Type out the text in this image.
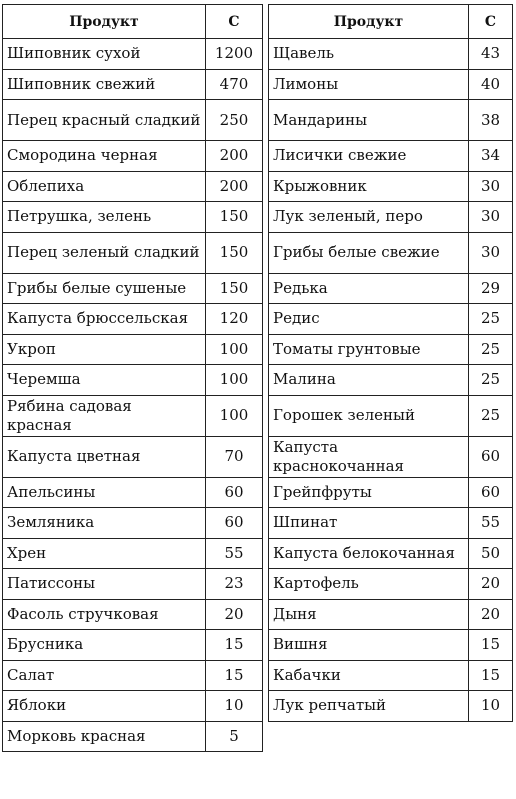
Продукт	С
Шиповник сухой	1200
Шиповник свежий	470
Перец красный сладкий	250
Смородина черная	200
Облепиха	200
Петрушка, зелень	150
Перец зеленый сладкий	150
Грибы белые сушеные	150
Капуста брюссельская	120
Укроп	100
Черемша	100
Рябина садовая красная	100
Капуста цветная	70
Апельсины	60
Земляника	60
Хрен	55
Патиссоны	23
Фасоль стручковая	20
Брусника	15
Салат	15
Яблоки	10
Морковь красная	5
Продукт	С
Щавель	43
Лимоны	40
Мандарины	38
Лисички свежие	34
Крыжовник	30
Лук зеленый, перо	30
Грибы белые свежие	30
Редька	29
Редис	25
Томаты грунтовые	25
Малина	25
Горошек зеленый	25
Капуста краснокочанная	60
Грейпфруты	60
Шпинат	55
Капуста белокочанная	50
Картофель	20
Дыня	20
Вишня	15
Кабачки	15
Лук репчатый	10
